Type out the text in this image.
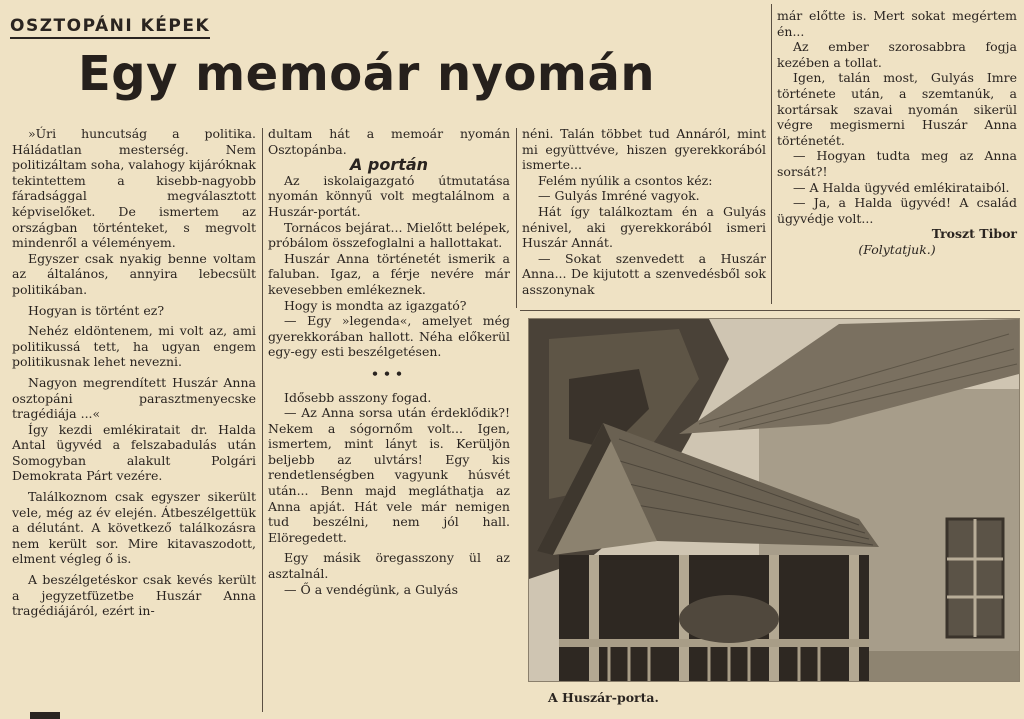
OSZTOPÁNI KÉPEK
Egy memoár nyomán

»Úri huncutság a politika. Háládatlan mesterség. Nem politizáltam soha, valahogy kijáróknak tekintettem a kisebb-nagyobb fáradsággal megválasztott képviselőket. De ismertem az országban történteket, s megvolt mindenről a véleményem.

Egyszer csak nyakig benne voltam az általános, annyira lebecsült politikában.

Hogyan is történt ez?

Nehéz eldöntenem, mi volt az, ami politikussá tett, ha ugyan engem politikusnak lehet nevezni.

Nagyon megrendített Huszár Anna osztopáni parasztmenyecske tragédiája ...«

Így kezdi emlékiratait dr. Halda Antal ügyvéd a felszabadulás után Somogyban alakult Polgári Demokrata Párt vezére.

Találkoznom csak egyszer sikerült vele, még az év elején. Átbeszélgettük a délutánt. A következő találkozásra nem került sor. Mire kitavaszodott, elment végleg ő is.

A beszélgetéskor csak kevés került a jegyzetfüzetbe Huszár Anna tragédiájáról, ezért in-

dultam hát a memoár nyomán Osztopánba.

A portán

Az iskolaigazgató útmutatása nyomán könnyű volt megtalálnom a Huszár-portát.

Tornácos bejárat... Mielőtt belépek, próbálom összefoglalni a hallottakat.

Huszár Anna történetét ismerik a faluban. Igaz, a férje nevére már kevesebben emlékeznek.

Hogy is mondta az igazgató?

— Egy »legenda«, amelyet még gyerekkorában hallott. Néha előkerül egy-egy esti beszélgetésen.

•••

Idősebb asszony fogad.

— Az Anna sorsa után érdeklődik?! Nekem a sógornőm volt... Igen, ismertem, mint lányt is. Kerüljön beljebb az ulvtárs! Egy kis rendetlenségben vagyunk húsvét után... Benn majd megláthatja az Anna apját. Hát vele már nemigen tud beszélni, nem jól hall. Elöregedett.

Egy másik öregasszony ül az asztalnál.

— Ő a vendégünk, a Gulyás

néni. Talán többet tud Annáról, mint mi együttvéve, hiszen gyerekkorából ismerte...

Felém nyúlik a csontos kéz:

— Gulyás Imréné vagyok.

Hát így találkoztam én a Gulyás nénivel, aki gyerekkorából ismeri Huszár Annát.

— Sokat szenvedett a Huszár Anna... De kijutott a szenvedésből sok asszonynak

már előtte is. Mert sokat megértem én...

Az ember szorosabbra fogja kezében a tollat.

Igen, talán most, Gulyás Imre története után, a szemtanúk, a kortársak szavai nyomán sikerül végre megismerni Huszár Anna történetét.

— Hogyan tudta meg az Anna sorsát?!

— A Halda ügyvéd emlékirataiból.

— Ja, a Halda ügyvéd! A család ügyvédje volt...

Troszt Tibor

(Folytatjuk.)

A Huszár-porta.
